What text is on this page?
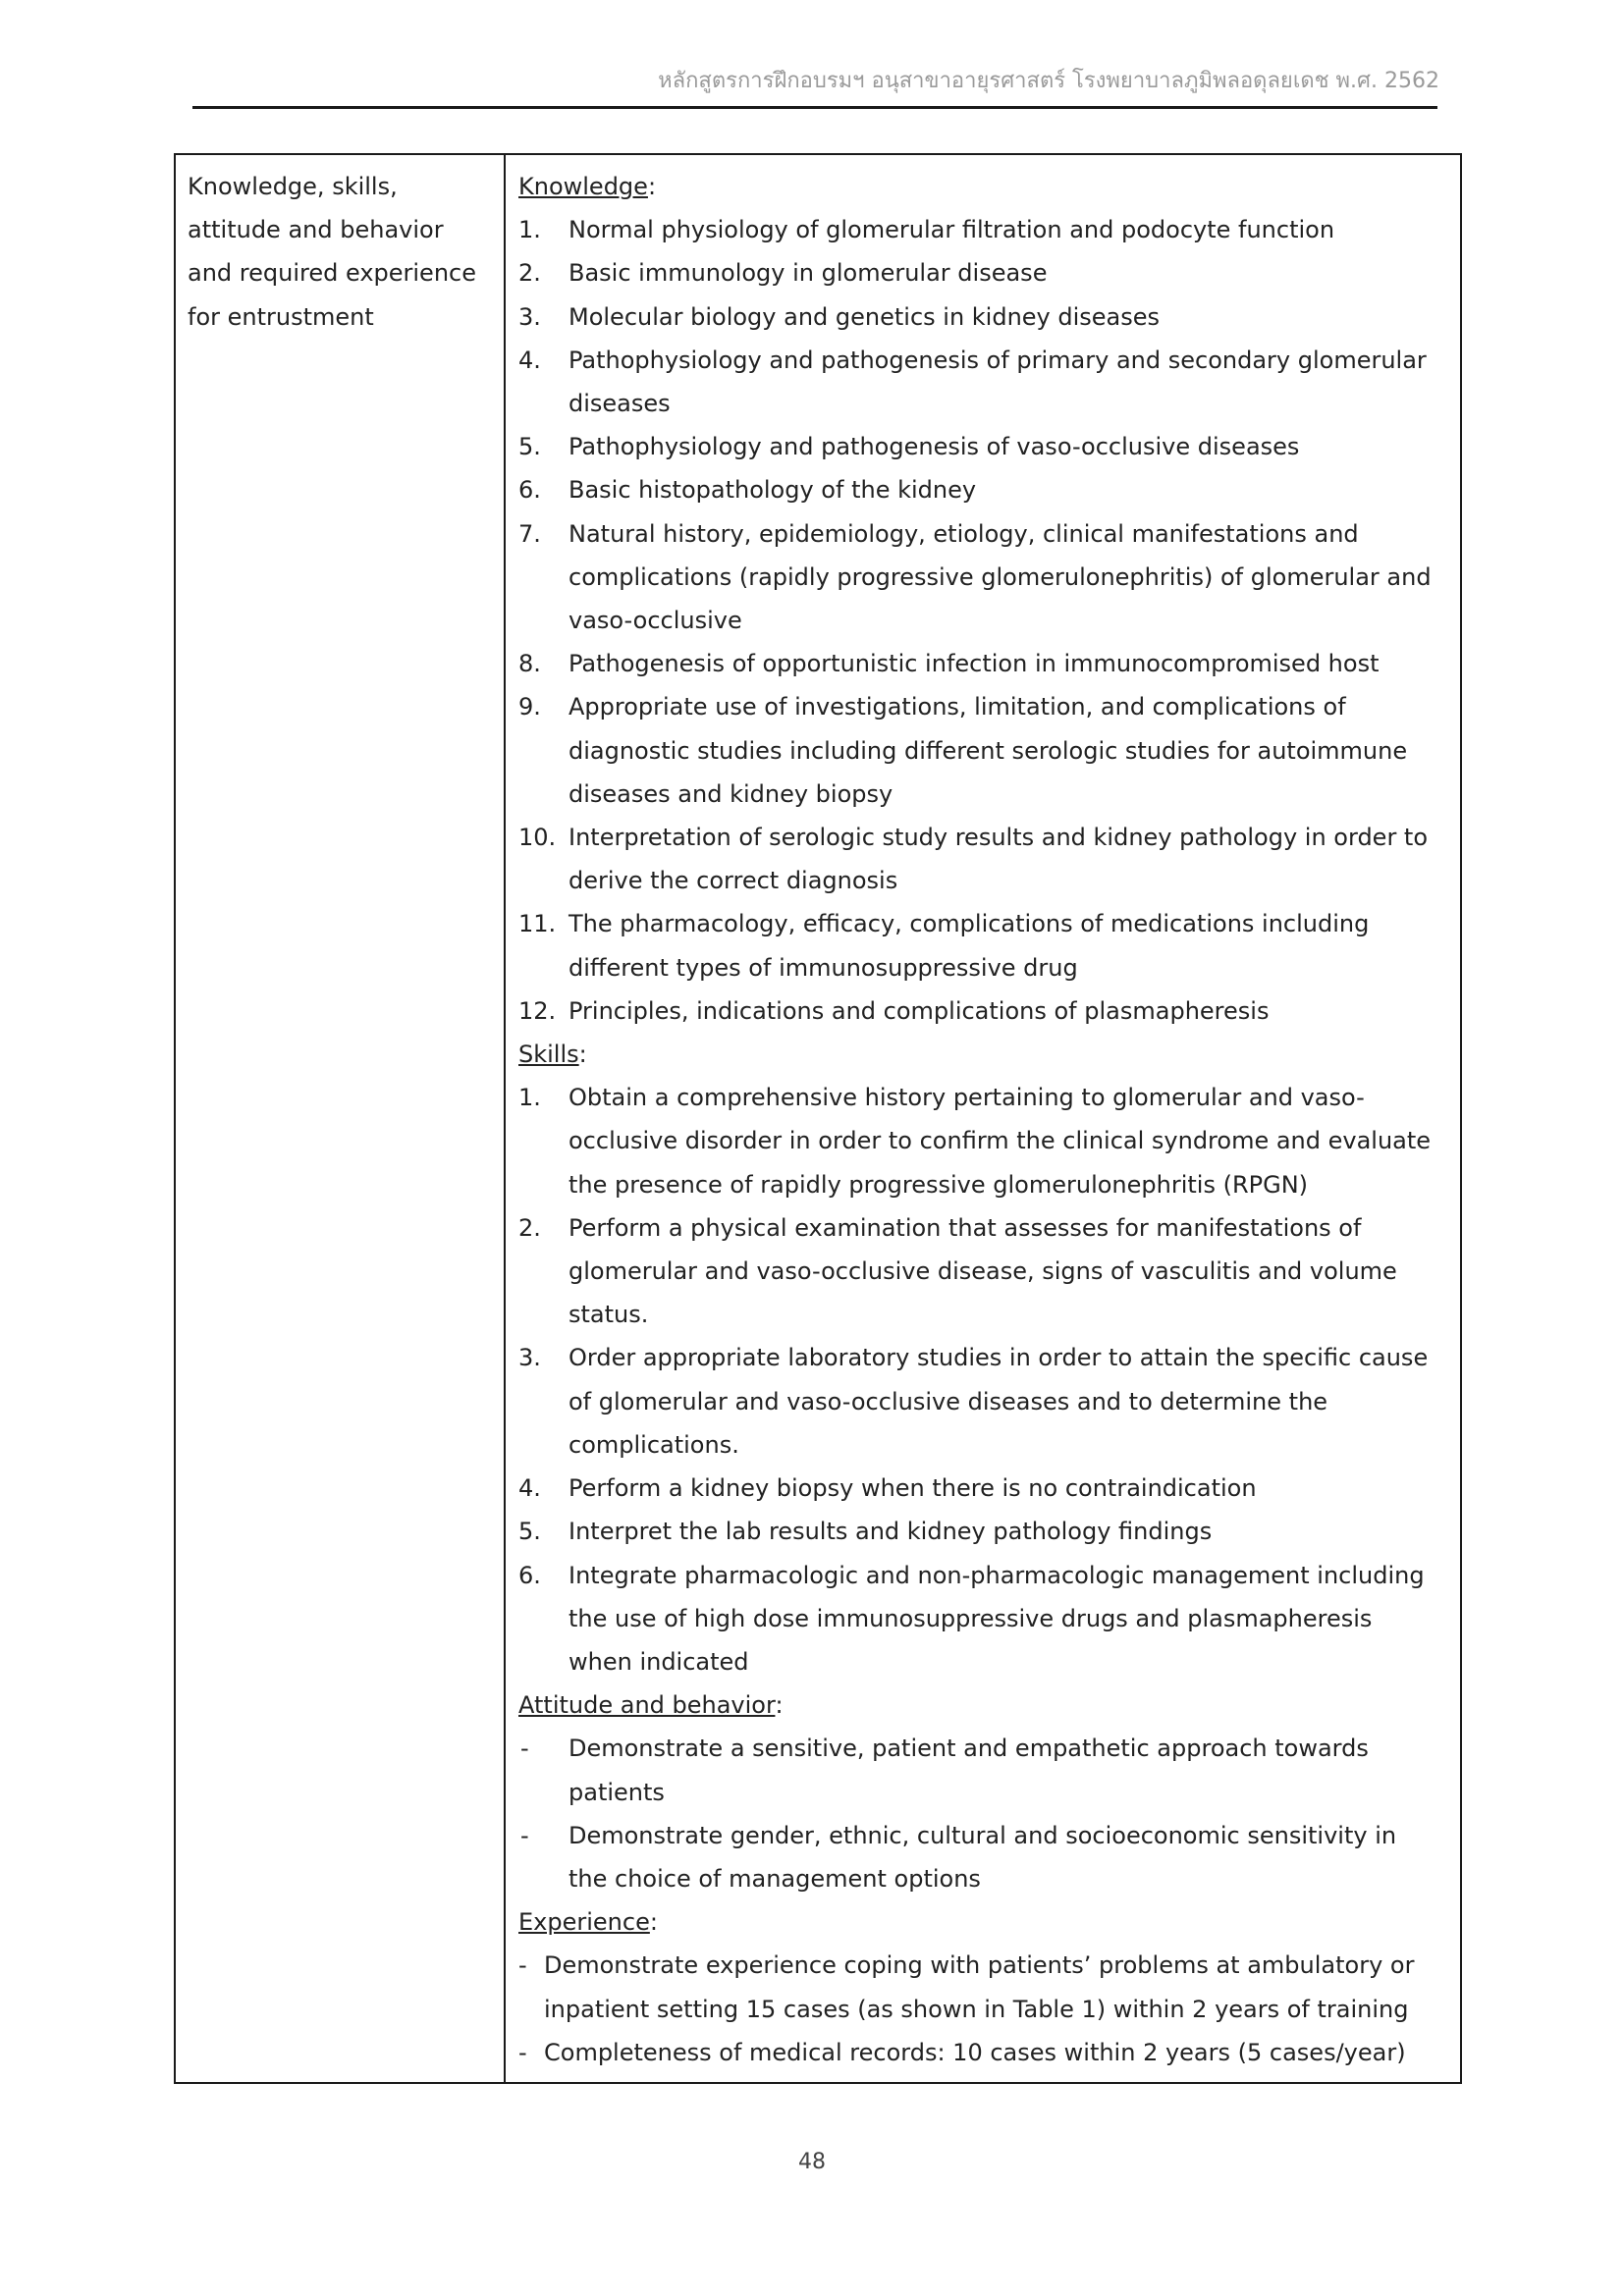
หลักสูตรการฝึกอบรมฯ อนุสาขาอายุรศาสตร์ โรงพยาบาลภูมิพลอดุลยเดช พ.ศ. 2562
Knowledge, skills,
attitude and behavior
and required experience
for entrustment

Knowledge:
1.	Normal physiology of glomerular filtration and podocyte function
2.	Basic immunology in glomerular disease
3.	Molecular biology and genetics in kidney diseases
4.	Pathophysiology and pathogenesis of primary and secondary glomerular diseases
5.	Pathophysiology and pathogenesis of vaso-occlusive diseases
6.	Basic histopathology of the kidney
7.	Natural history, epidemiology, etiology, clinical manifestations and complications (rapidly progressive glomerulonephritis) of glomerular and vaso-occlusive
8.	Pathogenesis of opportunistic infection in immunocompromised host
9.	Appropriate use of investigations, limitation, and complications of diagnostic studies including different serologic studies for autoimmune diseases and kidney biopsy
10. Interpretation of serologic study results and kidney pathology in order to derive the correct diagnosis
11. The pharmacology, efficacy, complications of medications including different types of immunosuppressive drug
12. Principles, indications and complications of plasmapheresis
Skills:
1.	Obtain a comprehensive history pertaining to glomerular and vaso-occlusive disorder in order to confirm the clinical syndrome and evaluate the presence of rapidly progressive glomerulonephritis (RPGN)
2.	Perform a physical examination that assesses for manifestations of glomerular and vaso-occlusive disease, signs of vasculitis and volume status.
3.	Order appropriate laboratory studies in order to attain the specific cause of glomerular and vaso-occlusive diseases and to determine the complications.
4.	Perform a kidney biopsy when there is no contraindication
5.	Interpret the lab results and kidney pathology findings
6.	Integrate pharmacologic and non-pharmacologic management including the use of high dose immunosuppressive drugs and plasmapheresis when indicated
Attitude and behavior:
-	Demonstrate a sensitive, patient and empathetic approach towards patients
-	Demonstrate gender, ethnic, cultural and socioeconomic sensitivity in the choice of management options
Experience:
- Demonstrate experience coping with patients’ problems at ambulatory or inpatient setting 15 cases (as shown in Table 1) within 2 years of training
- Completeness of medical records: 10 cases within 2 years (5 cases/year)
48
